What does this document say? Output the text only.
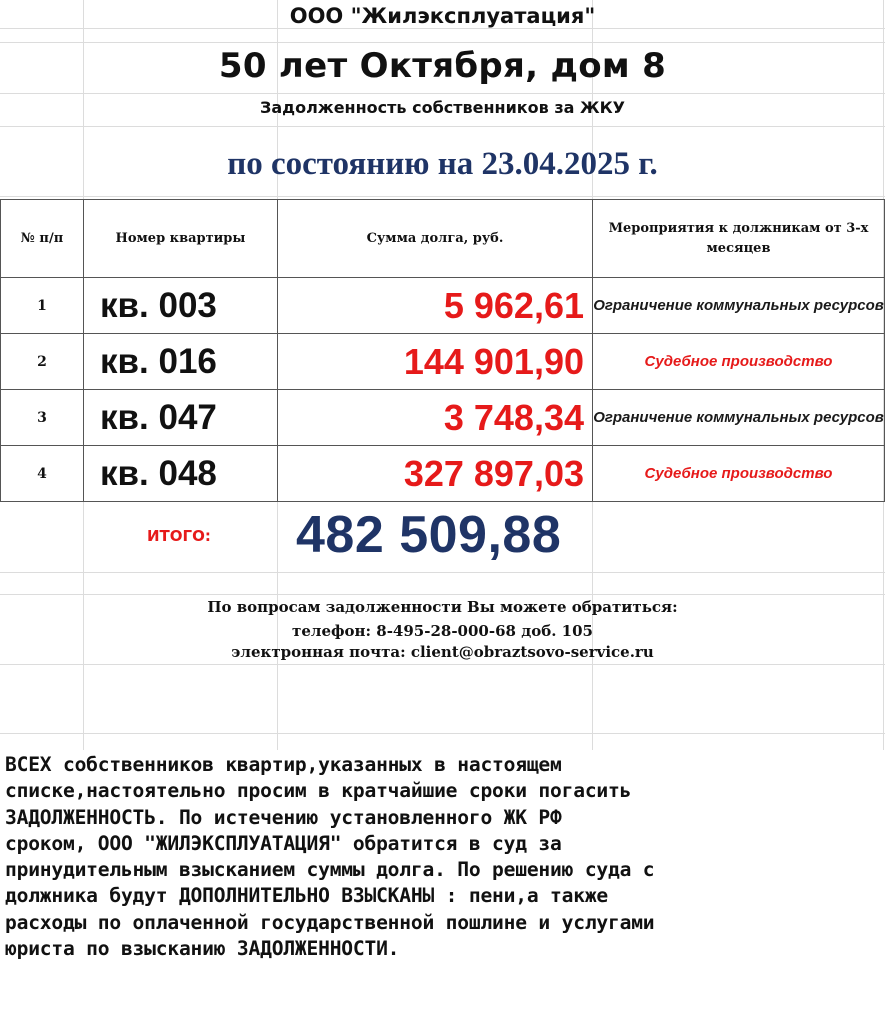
ООО "Жилэксплуатация"
50 лет Октября, дом 8
Задолженность собственников за ЖКУ
по состоянию на 23.04.2025 г.
№ п/п	Номер квартиры	Сумма долга, руб.	Мероприятия к должникам от 3-х месяцев
1	кв. 003	5 962,61	Ограничение коммунальных ресурсов
2	кв. 016	144 901,90	Судебное производство
3	кв. 047	3 748,34	Ограничение коммунальных ресурсов
4	кв. 048	327 897,03	Судебное производство
ИТОГО: 482 509,88
По вопросам задолженности Вы можете обратиться:
телефон: 8-495-28-000-68 доб. 105
электронная почта: client@obraztsovo-service.ru
ВСЕХ собственников квартир,указанных в настоящем
списке,настоятельно просим в кратчайшие сроки погасить
ЗАДОЛЖЕННОСТЬ. По истечению установленного ЖК РФ
сроком, ООО "ЖИЛЭКСПЛУАТАЦИЯ" обратится в суд за
принудительным взысканием суммы долга. По решению суда с
должника будут ДОПОЛНИТЕЛЬНО ВЗЫСКАНЫ : пени,а также
расходы по оплаченной государственной пошлине и услугами
юриста по взысканию ЗАДОЛЖЕННОСТИ.
